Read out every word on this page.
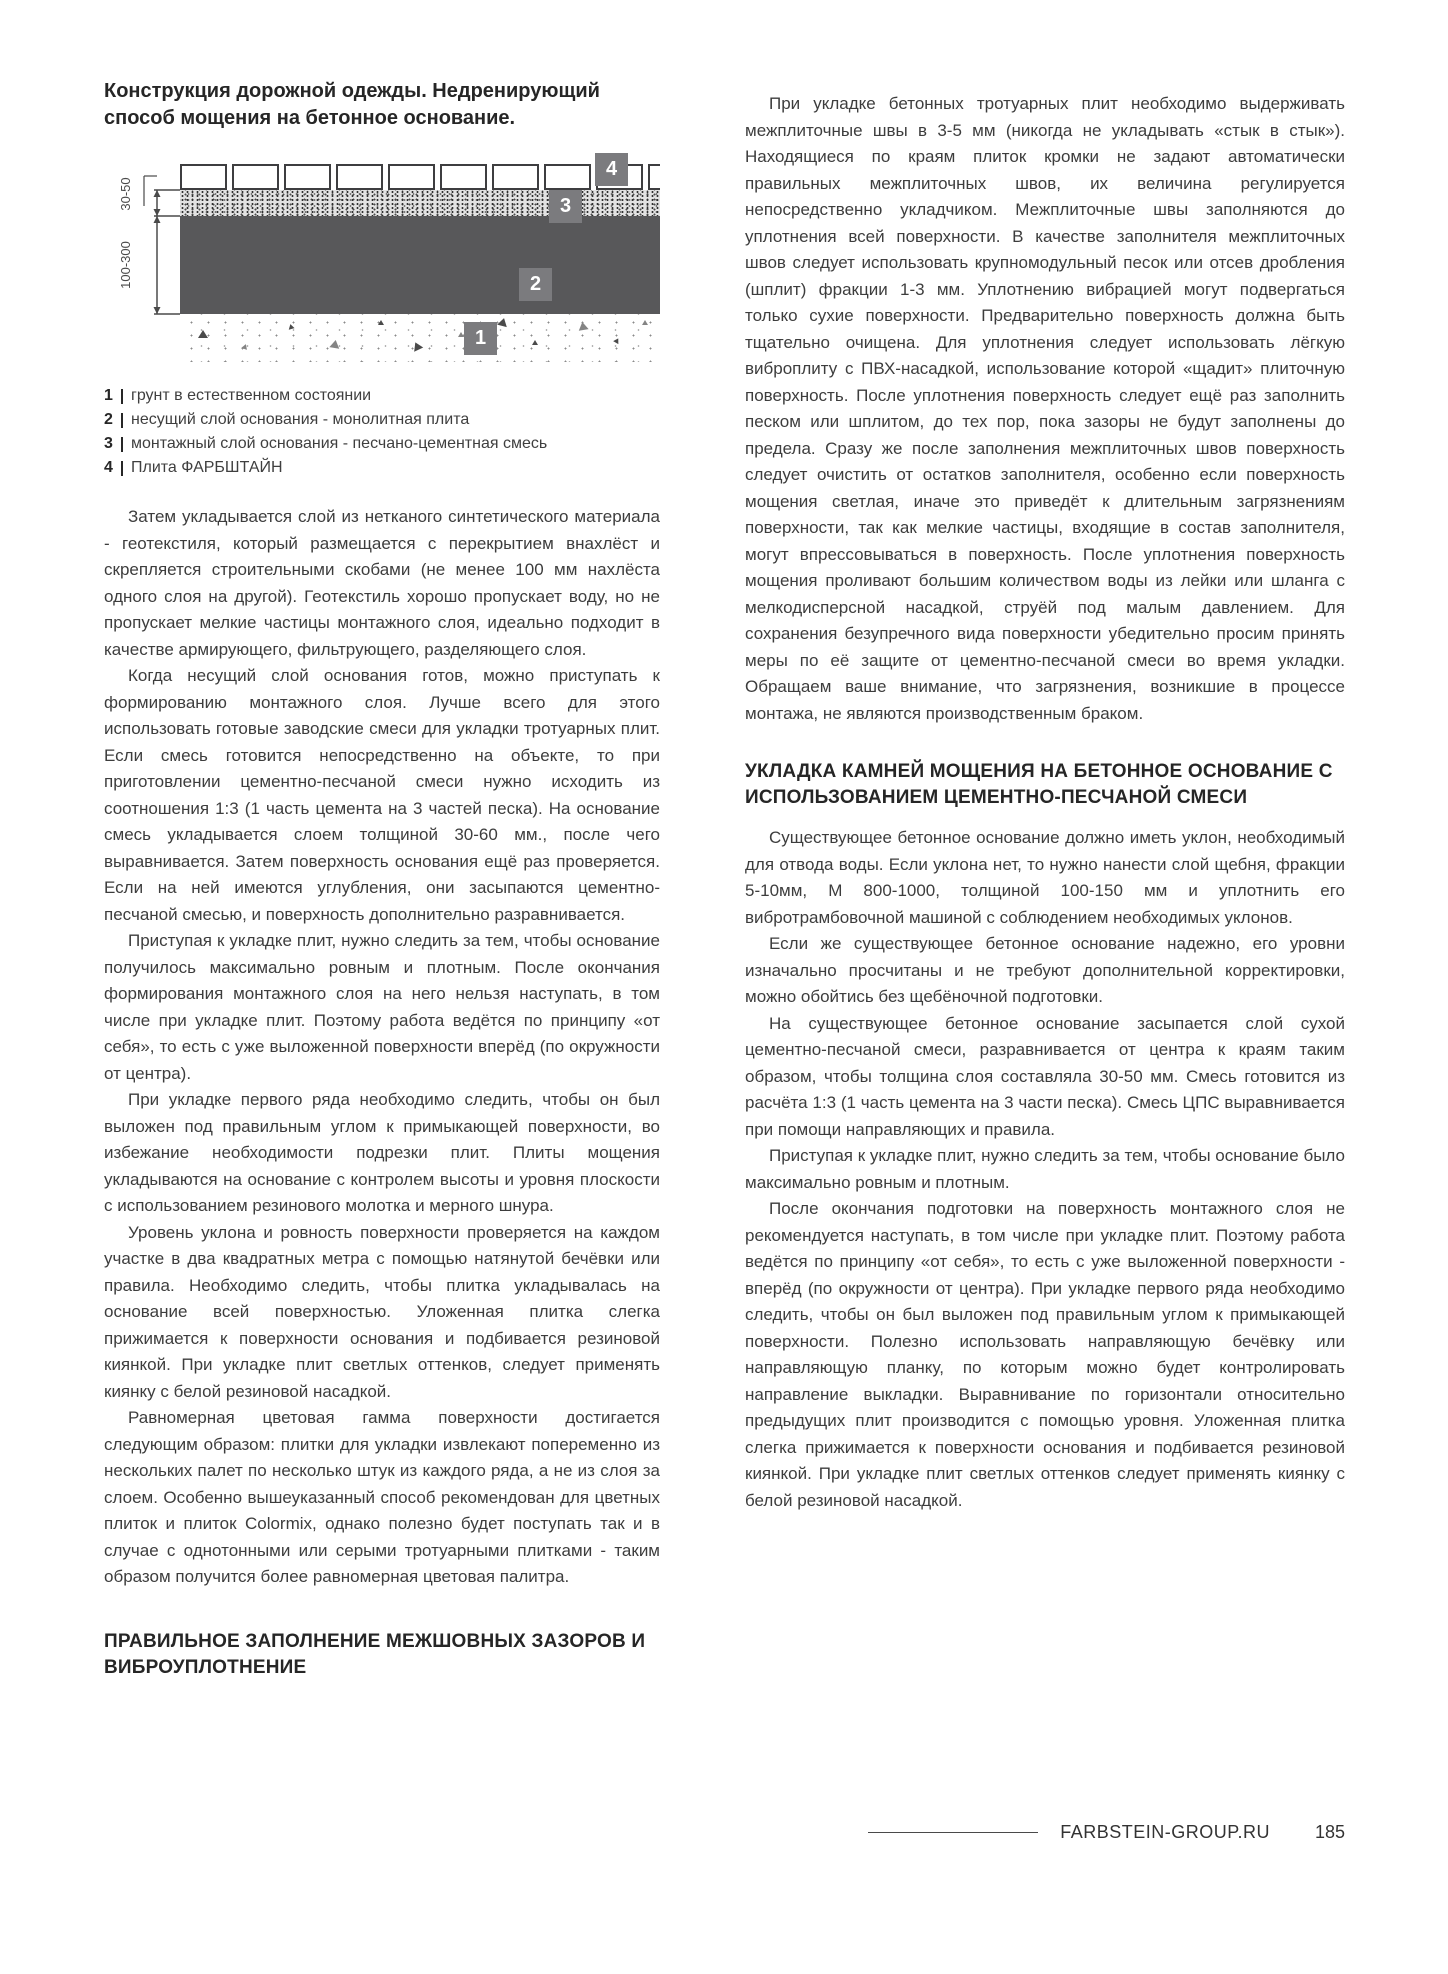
Конструкция дорожной одежды. Недренирующий способ мощения на бетонное основание.
30-50
100-300
4
3
2
1
1	грунт в естественном состоянии
2	несущий слой основания - монолитная плита
3	монтажный слой основания - песчано-цементная смесь
4	Плита ФАРБШТАЙН

Затем укладывается слой из нетканого синтетического материала - геотекстиля, который размещается с перекрытием внахлёст и скрепляется строительными скобами (не менее 100 мм нахлёста одного слоя на другой). Геотекстиль хорошо пропускает воду, но не пропускает мелкие частицы монтажного слоя, идеально подходит в качестве армирующего, фильтрующего, разделяющего слоя.

Когда несущий слой основания готов, можно приступать к формированию монтажного слоя. Лучше всего для этого использовать готовые заводские смеси для укладки тротуарных плит. Если смесь готовится непосредственно на объекте, то при приготовлении цементно-песчаной смеси нужно исходить из соотношения 1:3 (1 часть цемента на 3 частей песка). На основание смесь укладывается слоем толщиной 30-60 мм., после чего выравнивается. Затем поверхность основания ещё раз проверяется. Если на ней имеются углубления, они засыпаются цементно-песчаной смесью, и поверхность дополнительно разравнивается.

Приступая к укладке плит, нужно следить за тем, чтобы основание получилось максимально ровным и плотным. После окончания формирования монтажного слоя на него нельзя наступать, в том числе при укладке плит. Поэтому работа ведётся по принципу «от себя», то есть с уже выложенной поверхности вперёд (по окружности от центра).

При укладке первого ряда необходимо следить, чтобы он был выложен под правильным углом к примыкающей поверхности, во избежание необходимости подрезки плит. Плиты мощения укладываются на основание с контролем высоты и уровня плоскости с использованием резинового молотка и мерного шнура.

Уровень уклона и ровность поверхности проверяется на каждом участке в два квадратных метра с помощью натянутой бечёвки или правила. Необходимо следить, чтобы плитка укладывалась на основание всей поверхностью. Уложенная плитка слегка прижимается к поверхности основания и подбивается резиновой киянкой. При укладке плит светлых оттенков, следует применять киянку с белой резиновой насадкой.

Равномерная цветовая гамма поверхности достигается следующим образом: плитки для укладки извлекают попеременно из нескольких палет по несколько штук из каждого ряда, а не из слоя за слоем. Особенно вышеуказанный способ рекомендован для цветных плиток и плиток Colormix, однако полезно будет поступать так и в случае с однотонными или серыми тротуарными плитками - таким образом получится более равномерная цветовая палитра.

ПРАВИЛЬНОЕ ЗАПОЛНЕНИЕ МЕЖШОВНЫХ ЗАЗОРОВ И ВИБРОУПЛОТНЕНИЕ

При укладке бетонных тротуарных плит необходимо выдерживать межплиточные швы в 3-5 мм (никогда не укладывать «стык в стык»). Находящиеся по краям плиток кромки не задают автоматически правильных межплиточных швов, их величина регулируется непосредственно укладчиком. Межплиточные швы заполняются до уплотнения всей поверхности. В качестве заполнителя межплиточных швов следует использовать крупномодульный песок или отсев дробления (шплит) фракции 1-3 мм. Уплотнению вибрацией могут подвергаться только сухие поверхности. Предварительно поверхность должна быть тщательно очищена. Для уплотнения следует использовать лёгкую виброплиту с ПВХ-насадкой, использование которой «щадит» плиточную поверхность. После уплотнения поверхность следует ещё раз заполнить песком или шплитом, до тех пор, пока зазоры не будут заполнены до предела. Сразу же после заполнения межплиточных швов поверхность следует очистить от остатков заполнителя, особенно если поверхность мощения светлая, иначе это приведёт к длительным загрязнениям поверхности, так как мелкие частицы, входящие в состав заполнителя, могут впрессовываться в поверхность. После уплотнения поверхность мощения проливают большим количеством воды из лейки или шланга с мелкодисперсной насадкой, струёй под малым давлением. Для сохранения безупречного вида поверхности убедительно просим принять меры по её защите от цементно-песчаной смеси во время укладки. Обращаем ваше внимание, что загрязнения, возникшие в процессе монтажа, не являются производственным браком.

УКЛАДКА КАМНЕЙ МОЩЕНИЯ НА БЕТОННОЕ ОСНОВАНИЕ С ИСПОЛЬЗОВАНИЕМ ЦЕМЕНТНО-ПЕСЧАНОЙ СМЕСИ

Существующее бетонное основание должно иметь уклон, необходимый для отвода воды. Если уклона нет, то нужно нанести слой щебня, фракции 5-10мм, М 800-1000, толщиной 100-150 мм и уплотнить его вибротрамбовочной машиной с соблюдением необходимых уклонов.

Если же существующее бетонное основание надежно, его уровни изначально просчитаны и не требуют дополнительной корректировки, можно обойтись без щебёночной подготовки.

На существующее бетонное основание засыпается слой сухой цементно-песчаной смеси, разравнивается от центра к краям таким образом, чтобы толщина слоя составляла 30-50 мм. Смесь готовится из расчёта 1:3 (1 часть цемента на 3 части песка). Смесь ЦПС выравнивается при помощи направляющих и правила.

Приступая к укладке плит, нужно следить за тем, чтобы основание было максимально ровным и плотным.

После окончания подготовки на поверхность монтажного слоя не рекомендуется наступать, в том числе при укладке плит. Поэтому работа ведётся по принципу «от себя», то есть с уже выложенной поверхности - вперёд (по окружности от центра). При укладке первого ряда необходимо следить, чтобы он был выложен под правильным углом к примыкающей поверхности. Полезно использовать направляющую бечёвку или направляющую планку, по которым можно будет контролировать направление выкладки. Выравнивание по горизонтали относительно предыдущих плит производится с помощью уровня. Уложенная плитка слегка прижимается к поверхности основания и подбивается резиновой киянкой. При укладке плит светлых оттенков следует применять киянку с белой резиновой насадкой.

FARBSTEIN-GROUP.RU	185
